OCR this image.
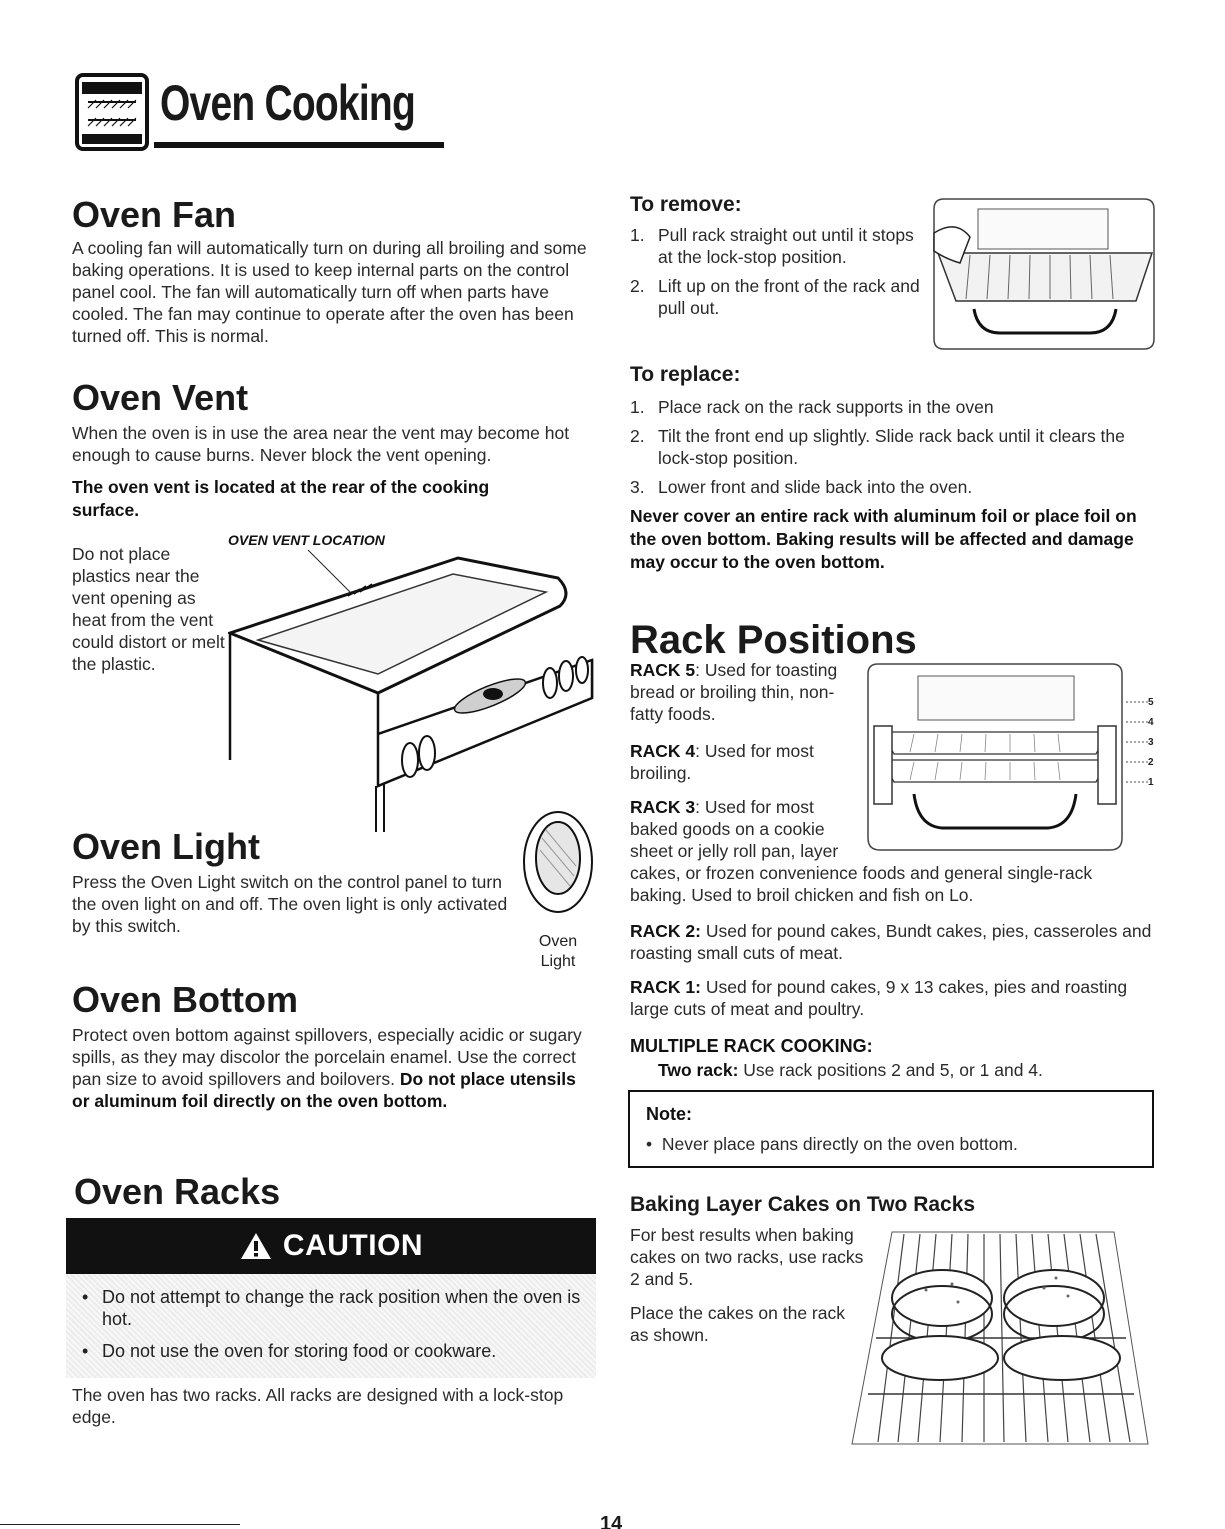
Oven Cooking
Oven Fan

A cooling fan will automatically turn on during all broiling and some baking operations. It is used to keep internal parts on the control panel cool. The fan will automatically turn off when parts have cooled. The fan may continue to operate after the oven has been turned off. This is normal.

Oven Vent

When the oven is in use the area near the vent may become hot enough to cause burns. Never block the vent opening.

The oven vent is located at the rear of the cooking surface.

Do not place plastics near the vent opening as heat from the vent could distort or melt the plastic.

OVEN VENT LOCATION
Oven Light

Press the Oven Light switch on the control panel to turn the oven light on and off. The oven light is only activated by this switch.

Oven
Light
Oven Bottom

Protect oven bottom against spillovers, especially acidic or sugary spills, as they may discolor the porcelain enamel. Use the correct pan size to avoid spillovers and boilovers. Do not place utensils or aluminum foil directly on the oven bottom.

Oven Racks
CAUTION
• Do not attempt to change the rack position when the oven is hot.
• Do not use the oven for storing food or cookware.

The oven has two racks. All racks are designed with a lock-stop edge.

To remove:
1. Pull rack straight out until it stops at the lock-stop position.
2. Lift up on the front of the rack and pull out.
To replace:
1. Place rack on the rack supports in the oven
2. Tilt the front end up slightly. Slide rack back until it clears the lock-stop position.
3. Lower front and slide back into the oven.

Never cover an entire rack with aluminum foil or place foil on the oven bottom. Baking results will be affected and damage may occur to the oven bottom.

Rack Positions

RACK 5: Used for toasting bread or broiling thin, non-fatty foods.

RACK 4: Used for most broiling.

RACK 3: Used for most baked goods on a cookie sheet or jelly roll pan, layer cakes, or frozen convenience foods and general single-rack baking. Used to broil chicken and fish on Lo.

5
4
3
2
1

RACK 2: Used for pound cakes, Bundt cakes, pies, casseroles and roasting small cuts of meat.

RACK 1: Used for pound cakes, 9 x 13 cakes, pies and roasting large cuts of meat and poultry.

MULTIPLE RACK COOKING:
Two rack: Use rack positions 2 and 5, or 1 and 4.
Note:
•  Never place pans directly on the oven bottom.
Baking Layer Cakes on Two Racks

For best results when baking cakes on two racks, use racks 2 and 5.

Place the cakes on the rack as shown.

14
